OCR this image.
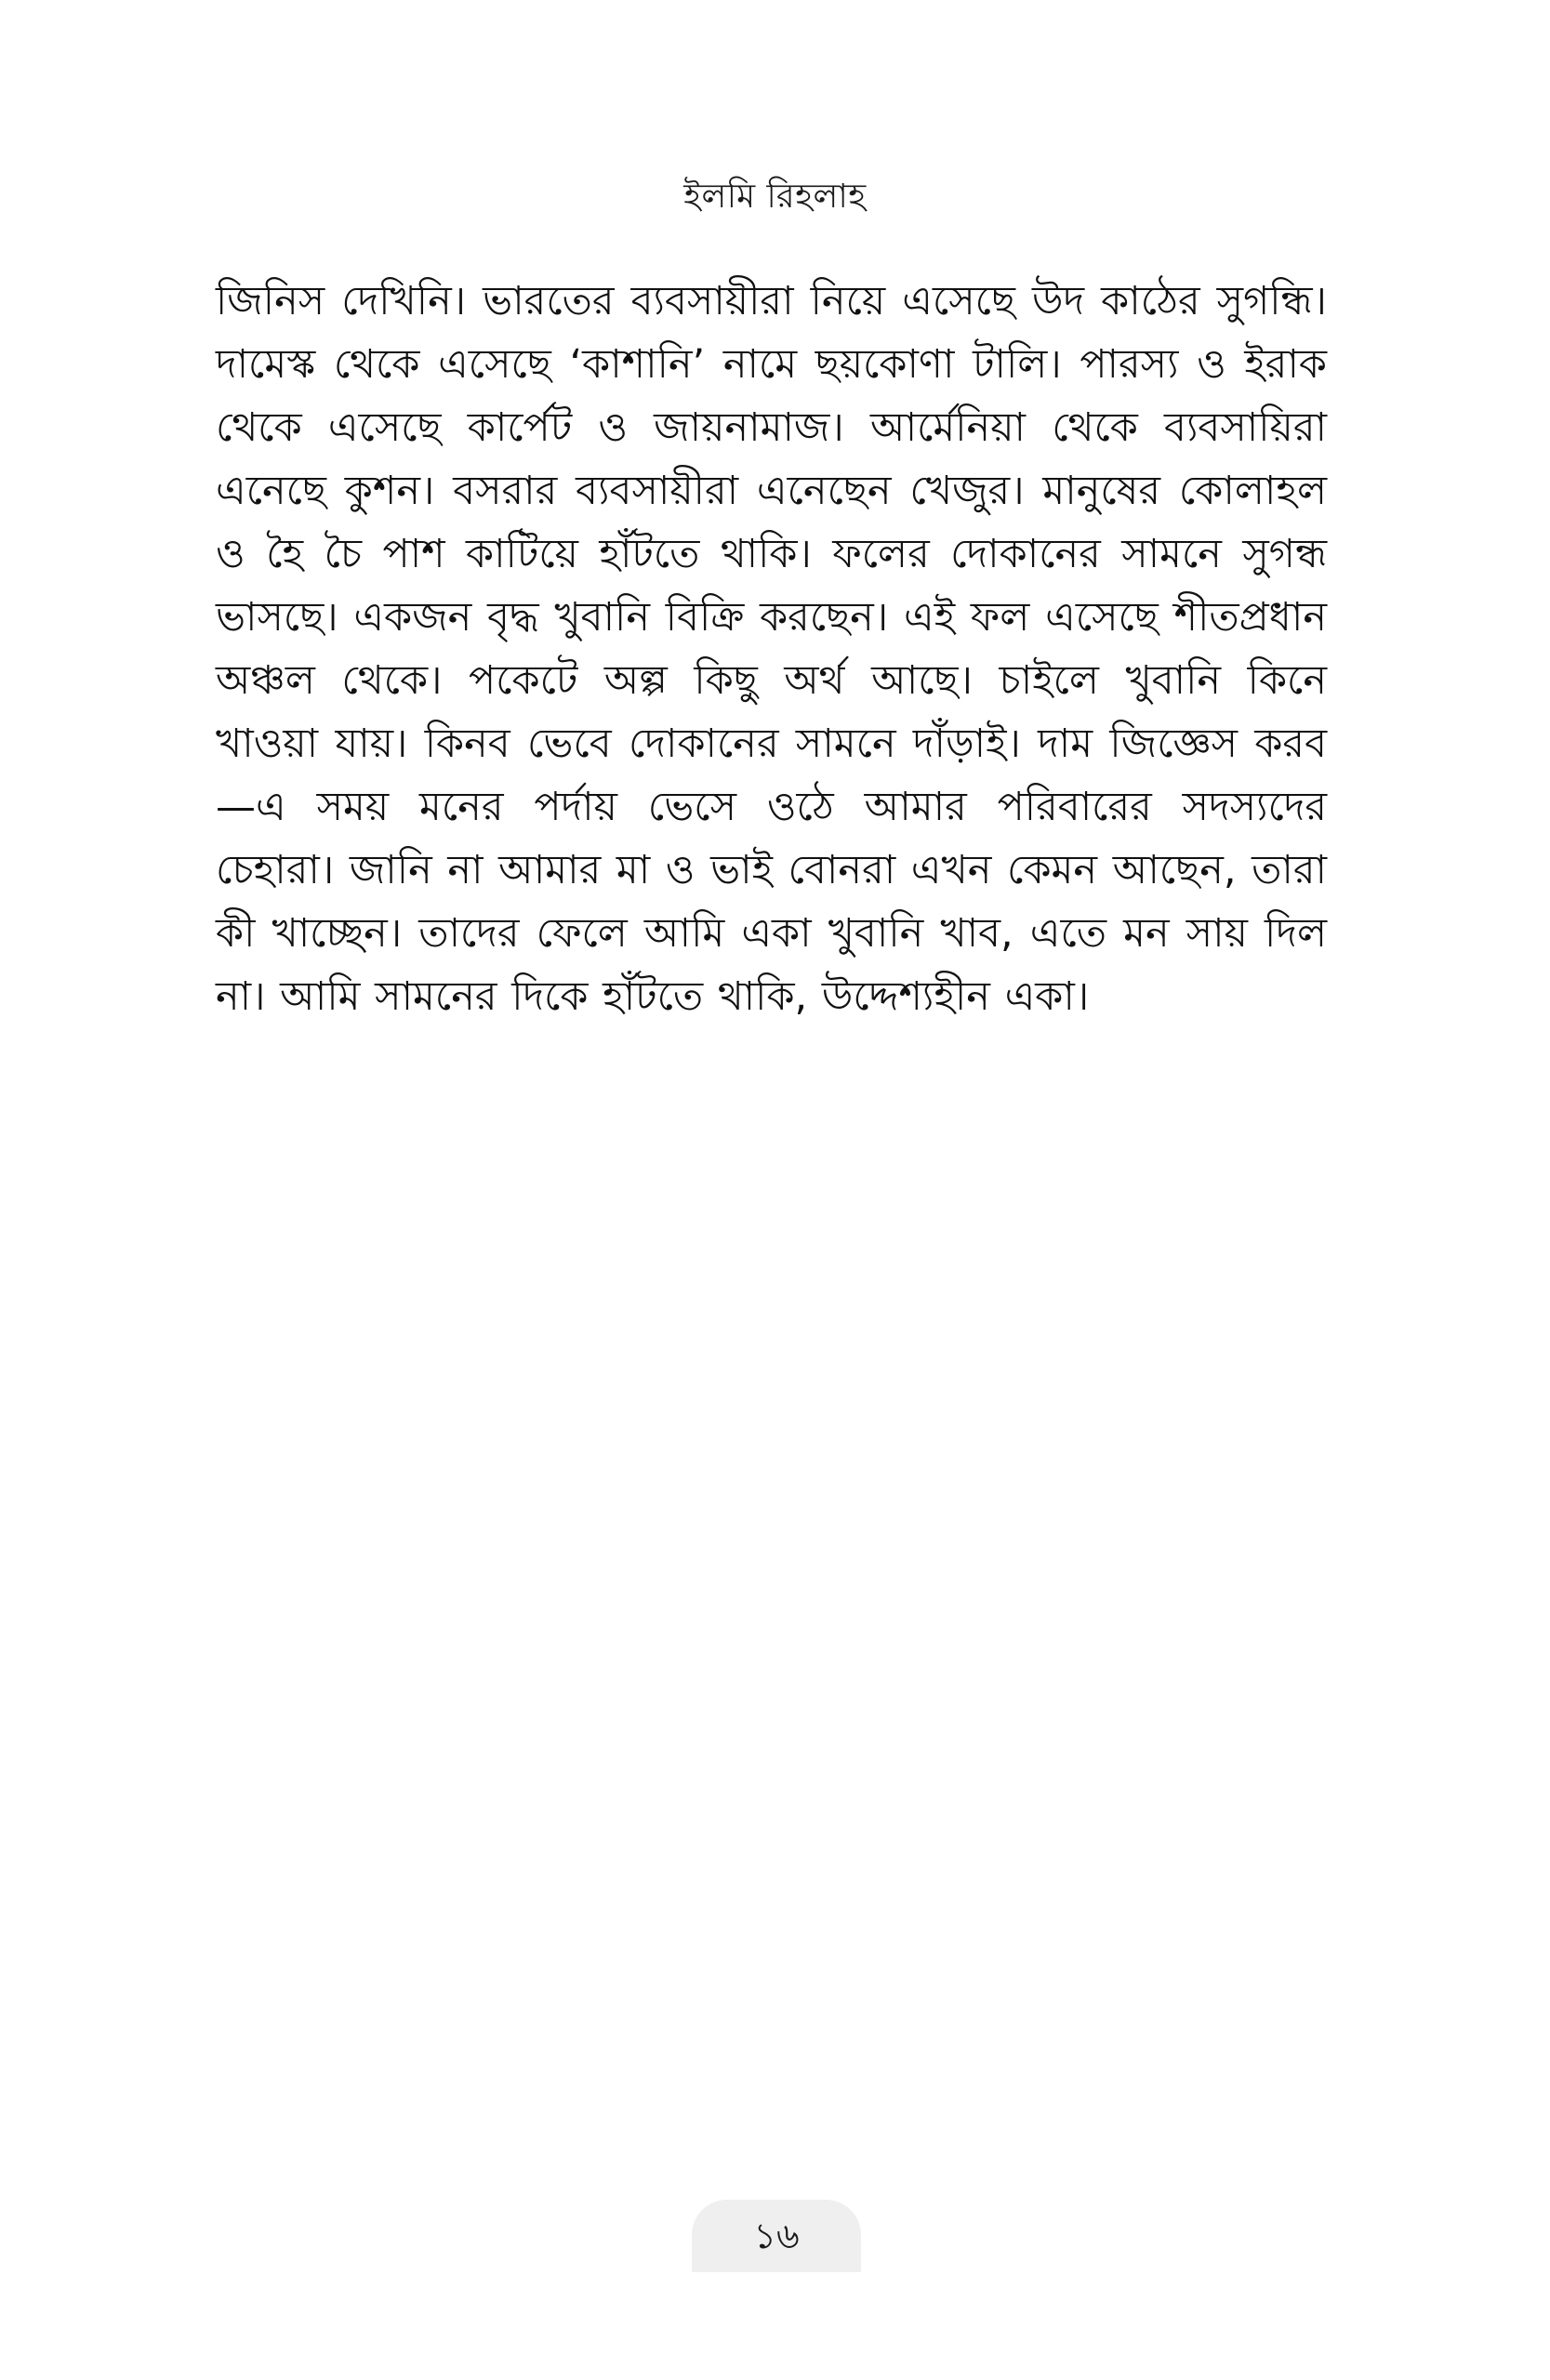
ইলমি রিহলাহ

জিনিস দেখিনি। ভারতের ব্যবসায়ীরা নিয়ে এসেছে উদ কাঠের সুগন্ধি। দামেস্ক থেকে এসেছে ‘কাশানি’ নামে ছয়কোণা টালি। পারস্য ও ইরাক থেকে এসেছে কার্পেট ও জায়নামাজ। আর্মেনিয়া থেকে ব্যবসায়িরা এনেছে কুশন। বসরার ব্যবসায়ীরা এনেছেন খেজুর। মানুষের কোলাহল ও হৈ চৈ পাশ কাটিয়ে হাঁটতে থাকি। ফলের দোকানের সামনে সুগন্ধ ভাসছে। একজন বৃদ্ধ খুবানি বিক্রি করছেন। এই ফল এসেছে শীতপ্রধান অঞ্চল থেকে। পকেটে অল্প কিছু অর্থ আছে। চাইলে খুবানি কিনে খাওয়া যায়। কিনব ভেবে দোকানের সামনে দাঁড়াই। দাম জিজ্ঞেস করব—এ সময় মনের পর্দায় ভেসে ওঠে আমার পরিবারের সদস্যদের চেহারা। জানি না আমার মা ও ভাই বোনরা এখন কেমন আছেন, তারা কী খাচ্ছেন। তাদের ফেলে আমি একা খুবানি খাব, এতে মন সায় দিল না। আমি সামনের দিকে হাঁটতে থাকি, উদ্দেশ্যহীন একা।

১৬
